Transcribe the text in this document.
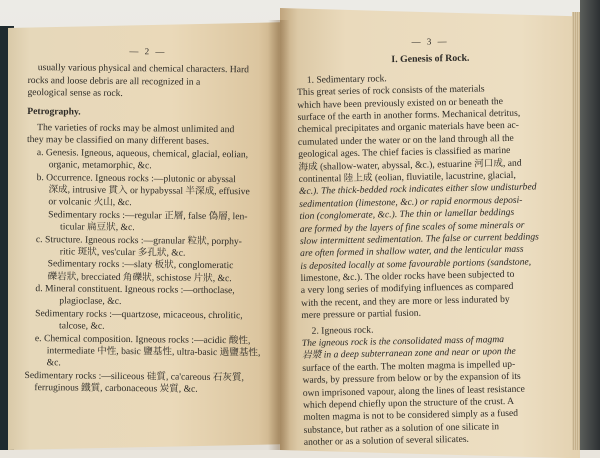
— 2 —
usually various physical and chemical characters. Hard
rocks and loose debris are all recognized in a
geological sense as rock.
Petrography.
The varieties of rocks may be almost unlimited and
they may be classified on many different bases.
a. Genesis. Igneous, aqueous, chemical, glacial, eolian,
organic, metamorphic, &c.
b. Occurrence. Igneous rocks :—plutonic or abyssal
深成, intrusive 貫入 or hypabyssal 半深成, effusive
or volcanic 火山, &c.
Sedimentary rocks :—regular 正層, false 偽層, len-
ticular 扁豆狀, &c.
c. Structure. Igneous rocks :—granular 粒狀, porphy-
ritic 斑狀, ves'cular 多孔狀, &c.
Sedimentary rocks :—slaty 板狀, conglomeratic
礫岩狀, brecciated 角礫狀, schistose 片狀, &c.
d. Mineral constituent. Igneous rocks :—orthoclase,
plagioclase, &c.
Sedimentary rocks :—quartzose, micaceous, chrolitic,
talcose, &c.
e. Chemical composition. Igneous rocks :—acidic 酸性,
intermediate 中性, basic 鹽基性, ultra-basic 過鹽基性,
&c.
Sedimentary rocks :—siliceous 硅質, ca'careous 石灰質,
ferruginous 鐵質, carbonaceous 炭質, &c.
— 3 —
I. Genesis of Rock.
1. Sedimentary rock.
This great series of rock consists of the materials
which have been previously existed on or beneath the
surface of the earth in another forms. Mechanical detritus,
chemical precipitates and organic materials have been ac-
cumulated under the water or on the land through all the
geological ages. The chief facies is classified as marine
海成 (shallow-water, abyssal, &c.), estuarine 河口成, and
continental 陸上成 (eolian, fluviatile, lacustrine, glacial,
&c.). The thick-bedded rock indicates either slow undisturbed
sedimentation (limestone, &c.) or rapid enormous deposi-
tion (conglomerate, &c.). The thin or lamellar beddings
are formed by the layers of fine scales of some minerals or
slow intermittent sedimentation. The false or current beddings
are often formed in shallow water, and the lenticular mass
is deposited locally at some favourable portions (sandstone,
limestone, &c.). The older rocks have been subjected to
a very long series of modifying influences as compared
with the recent, and they are more or less indurated by
mere pressure or partial fusion.
2. Igneous rock.
The igneous rock is the consolidated mass of magma
岩漿 in a deep subterranean zone and near or upon the
surface of the earth. The molten magma is impelled up-
wards, by pressure from below or by the expansion of its
own imprisoned vapour, along the lines of least resistance
which depend chiefly upon the structure of the crust. A
molten magma is not to be considered simply as a fused
substance, but rather as a solution of one silicate in
another or as a solution of several silicates.
